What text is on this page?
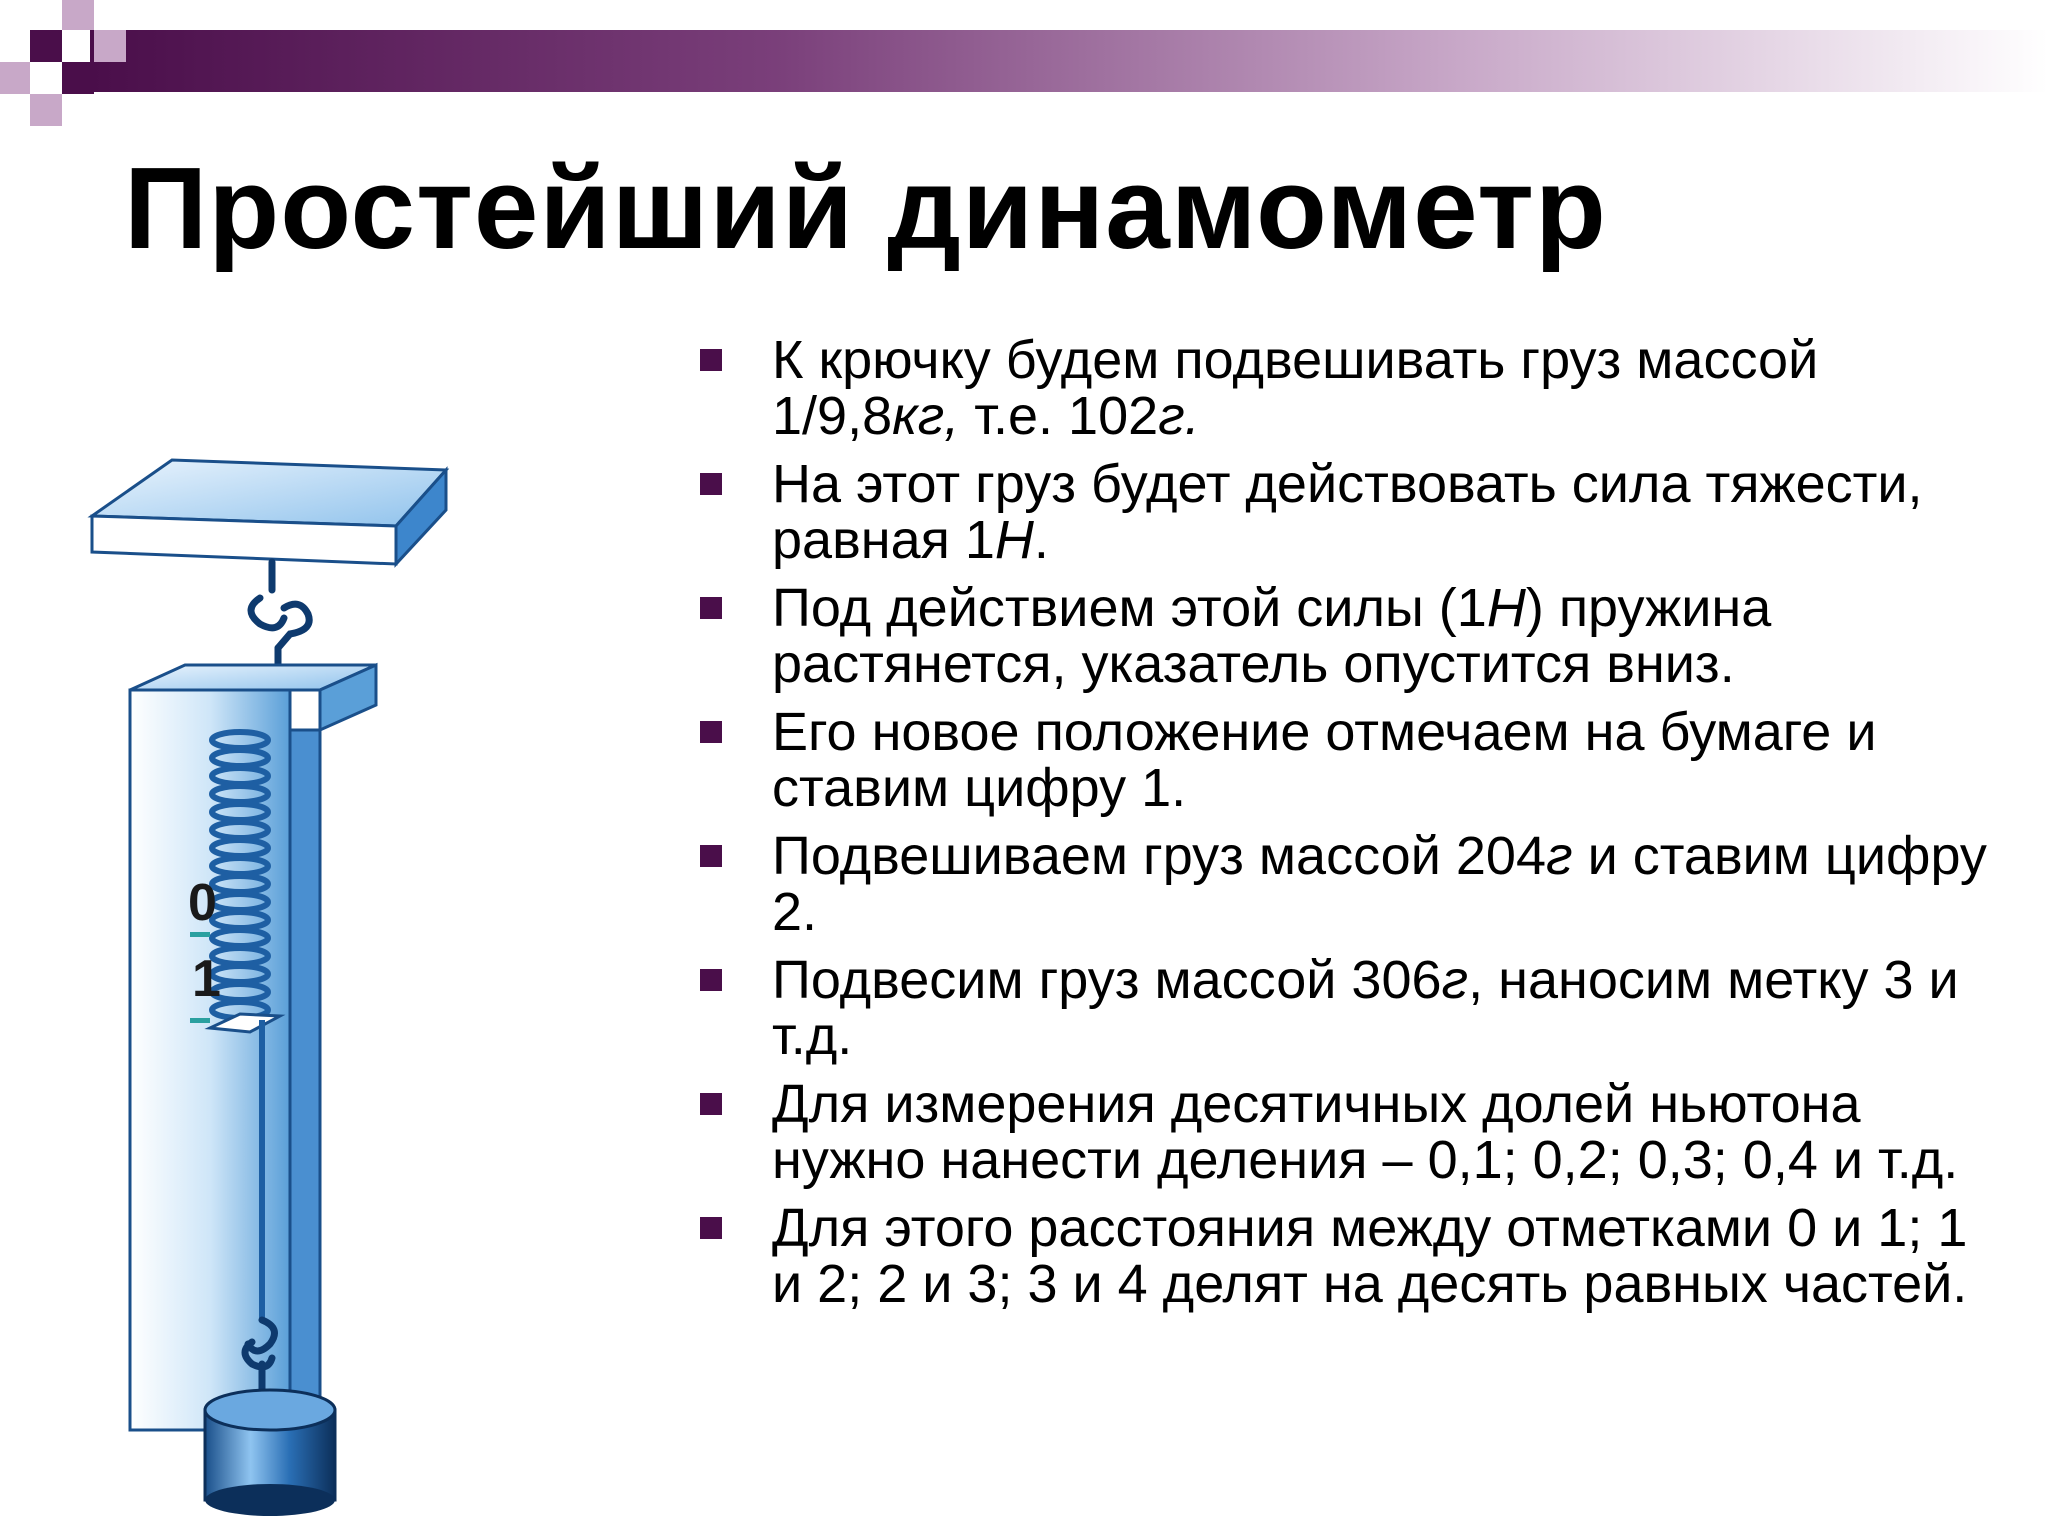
Простейший динамометр
0
1
К крючку будем подвешивать груз массой 1/9,8кг, т.е. 102г.
На этот груз будет действовать сила тяжести, равная 1Н.
Под действием этой силы (1Н) пружина растянется, указатель опустится вниз.
Его новое положение отмечаем на бумаге и ставим цифру 1.
Подвешиваем груз массой 204г и ставим цифру 2.
Подвесим груз массой 306г, наносим метку 3 и т.д.
Для измерения десятичных долей ньютона нужно нанести деления – 0,1; 0,2; 0,3; 0,4 и т.д.
Для этого расстояния между отметками 0 и 1; 1 и 2; 2 и 3; 3 и 4 делят на десять равных частей.
